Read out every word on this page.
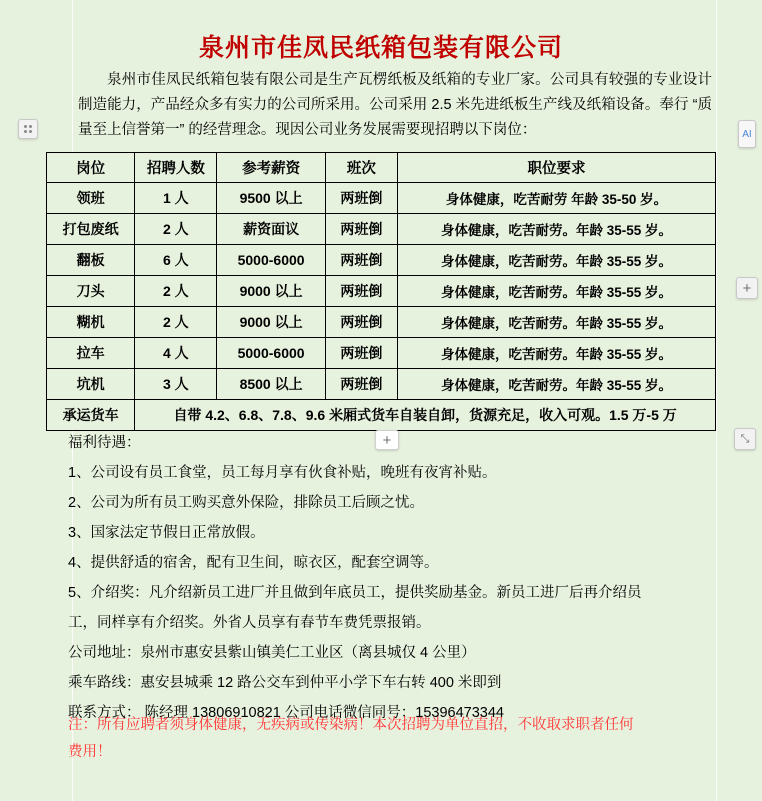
泉州市佳凤民纸箱包装有限公司
泉州市佳凤民纸箱包装有限公司是生产瓦楞纸板及纸箱的专业厂家。公司具有较强的专业设计制造能力，产品经众多有实力的公司所采用。公司采用 2.5 米先进纸板生产线及纸箱设备。奉行 “质量至上信誉第一” 的经营理念。现因公司业务发展需要现招聘以下岗位：
岗位	招聘人数	参考薪资	班次	职位要求
领班	1 人	9500 以上	两班倒	身体健康，吃苦耐劳 年龄 35-50 岁。
打包废纸	2 人	薪资面议	两班倒	身体健康，吃苦耐劳。年龄 35-55 岁。
翻板	6 人	5000-6000	两班倒	身体健康，吃苦耐劳。年龄 35-55 岁。
刀头	2 人	9000 以上	两班倒	身体健康，吃苦耐劳。年龄 35-55 岁。
糊机	2 人	9000 以上	两班倒	身体健康，吃苦耐劳。年龄 35-55 岁。
拉车	4 人	5000-6000	两班倒	身体健康，吃苦耐劳。年龄 35-55 岁。
坑机	3 人	8500 以上	两班倒	身体健康，吃苦耐劳。年龄 35-55 岁。
承运货车	自带 4.2、6.8、7.8、9.6 米厢式货车自装自卸，货源充足，收入可观。1.5 万-5 万			
福利待遇：
1、公司设有员工食堂，员工每月享有伙食补贴，晚班有夜宵补贴。
2、公司为所有员工购买意外保险，排除员工后顾之忧。
3、国家法定节假日正常放假。
4、提供舒适的宿舍，配有卫生间，晾衣区，配套空调等。
5、介绍奖：凡介绍新员工进厂并且做到年底员工，提供奖励基金。新员工进厂后再介绍员
工，同样享有介绍奖。外省人员享有春节车费凭票报销。
公司地址：泉州市惠安县紫山镇美仁工业区（离县城仅 4 公里）
乘车路线：惠安县城乘 12 路公交车到仲平小学下车右转 400 米即到
联系方式： 陈经理 13806910821 公司电话微信同号：15396473344
注：所有应聘者须身体健康，无疾病或传染病！本次招聘为单位直招，不收取求职者任何
费用！
AI
+
+	⤡
